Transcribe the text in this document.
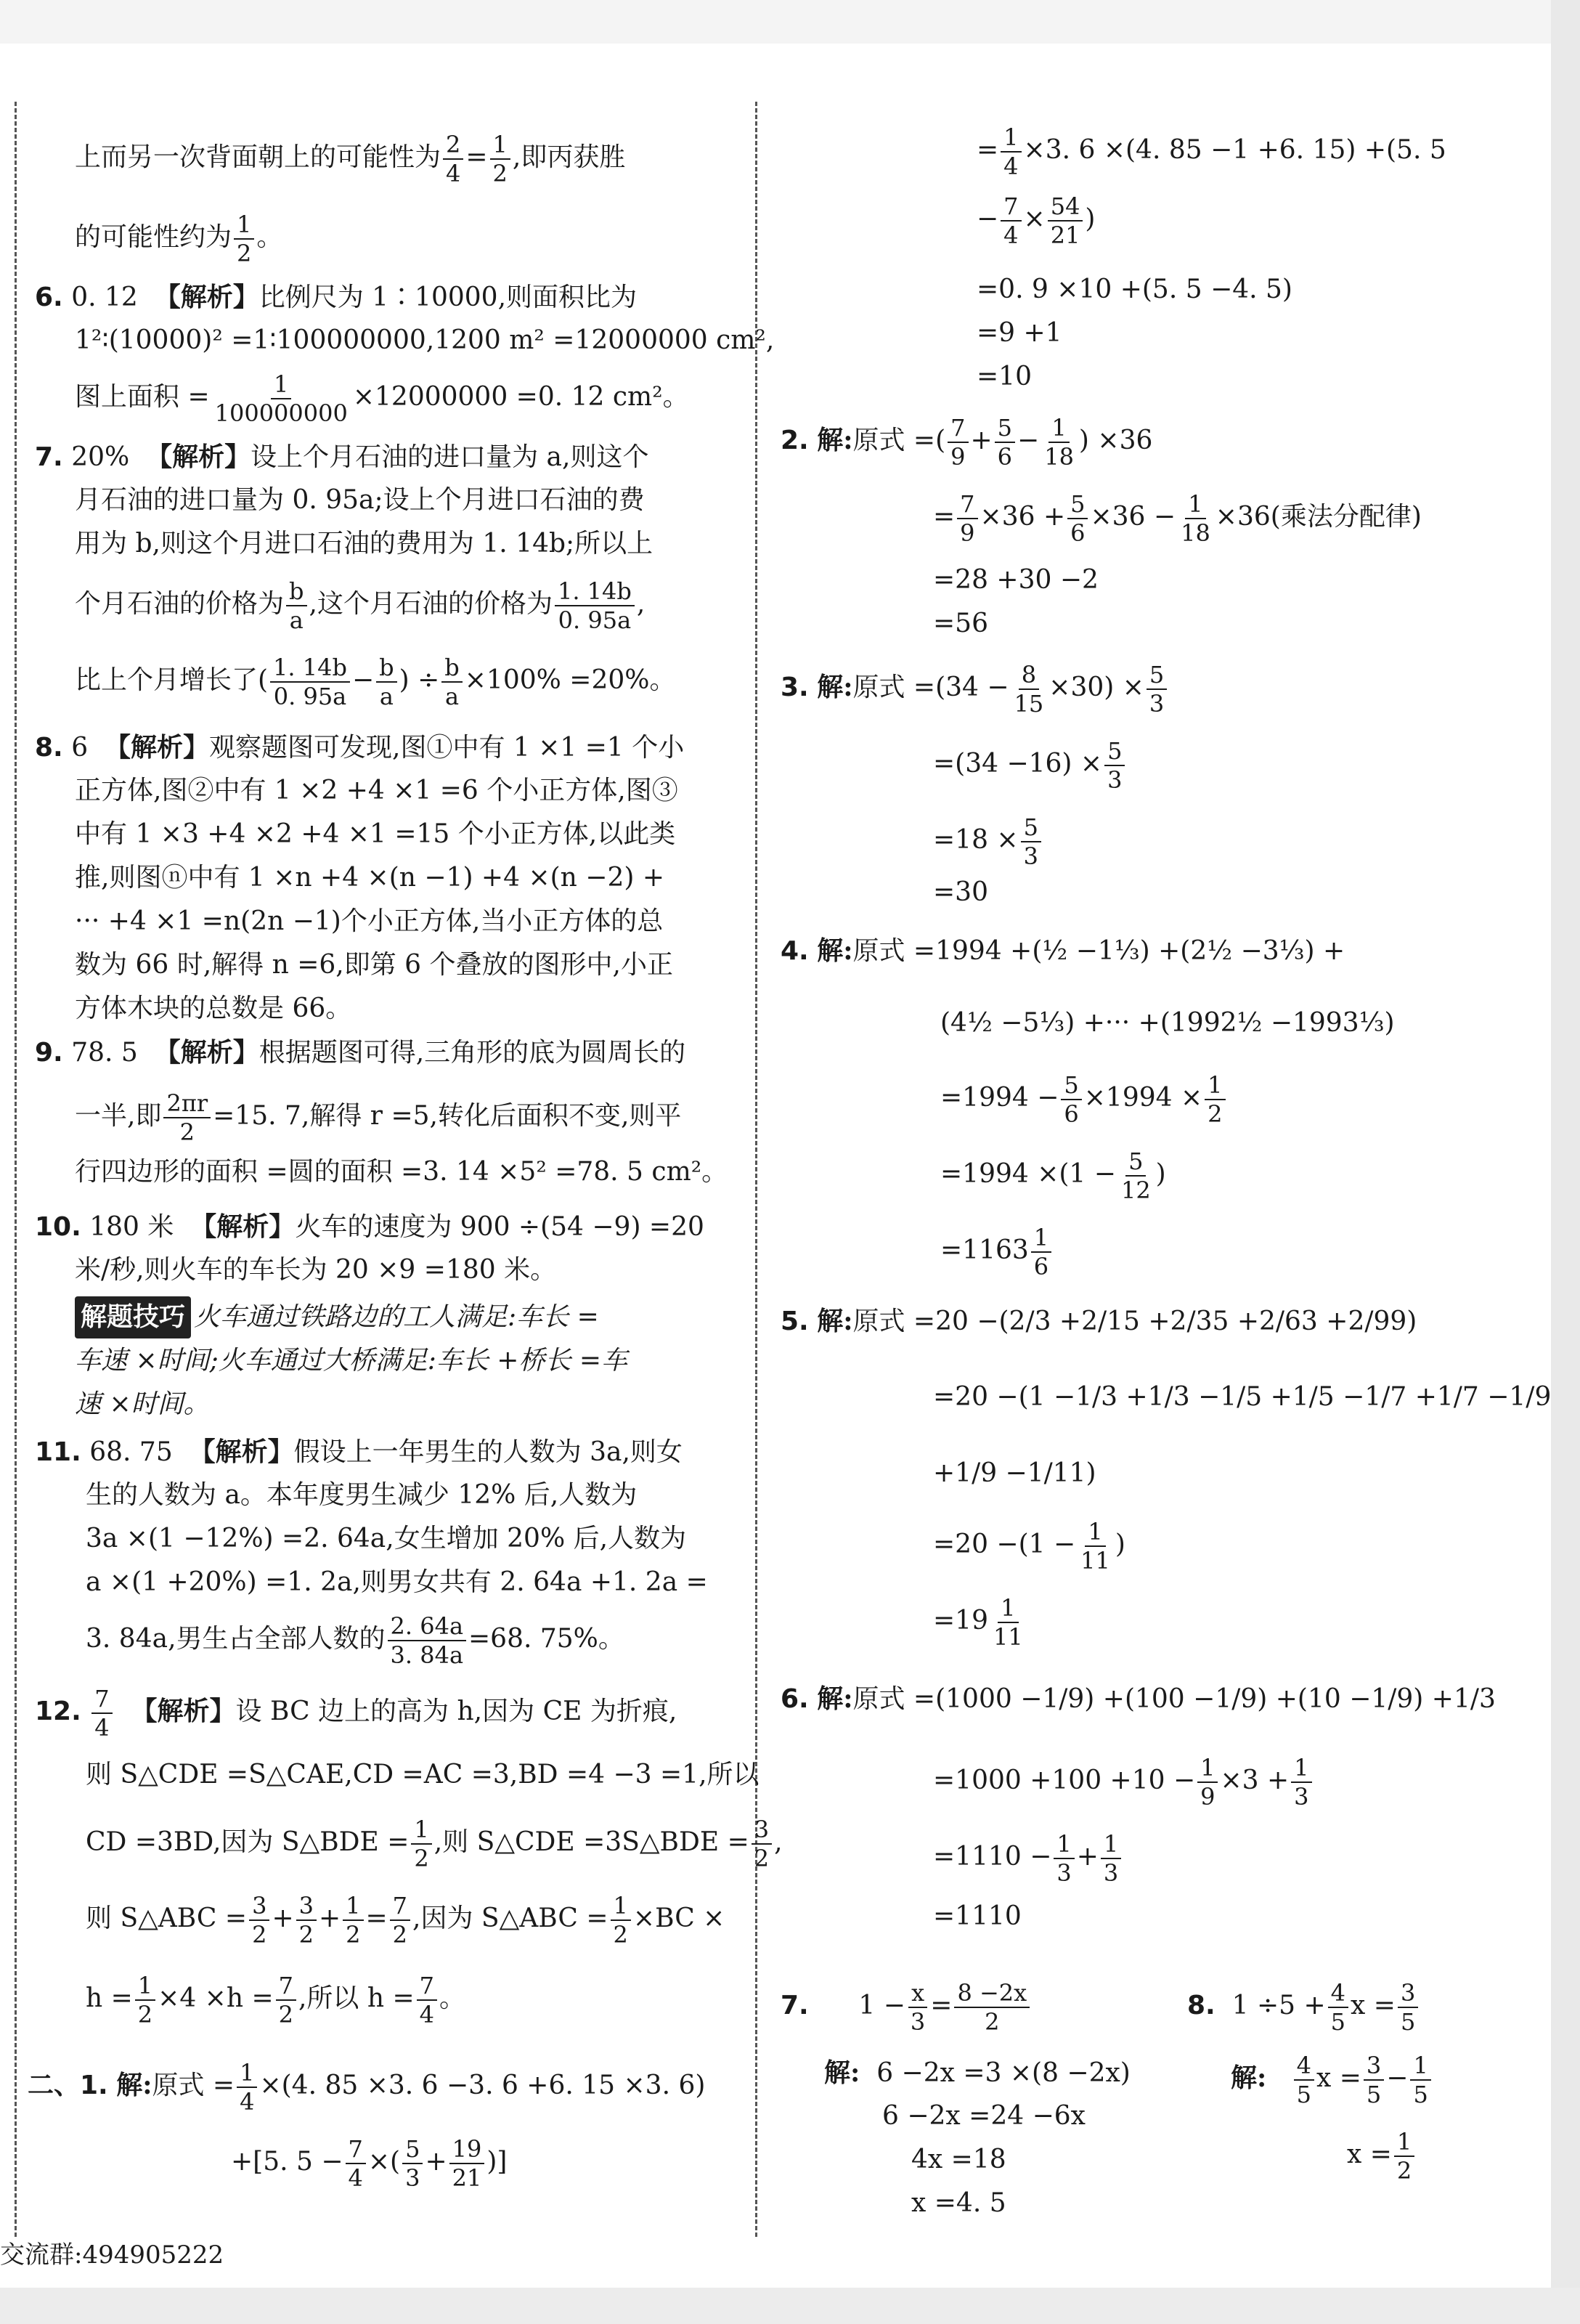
上而另一次背面朝上的可能性为 $\frac{2}{4} = \frac{1}{2}$ ,即丙获胜
的可能性约为 $\frac{1}{2}$ 。
6. 0. 12 【解析】比例尺为 1∶10000,则面积比为
1²∶(10000)² =1∶100000000,1200 m² =12000000 cm²,
图上面积 = $\frac{1}{100000000} \times 12000000 =0$. 12 cm²。
7. 20% 【解析】设上个月石油的进口量为 a,则这个
月石油的进口量为 0. 95a;设上个月进口石油的费
用为 b,则这个月进口石油的费用为 1. 14b;所以上
个月石油的价格为 $\frac{b}{a}$ ,这个月石油的价格为 $\frac{1. 14b}{0. 95a}$ ,
比上个月增长了( $\frac{1. 14b}{0. 95a} - \frac{b}{a}$ ) ÷ $\frac{b}{a} \times 100\% =20\%$。
8. 6 【解析】观察题图可发现,图①中有 1 ×1 =1 个小
正方体,图②中有 1 ×2 +4 ×1 =6 个小正方体,图③
中有 1 ×3 +4 ×2 +4 ×1 =15 个小正方体,以此类
推,则图ⓝ中有 1 ×n +4 ×(n −1) +4 ×(n −2) +
··· +4 ×1 =n(2n −1)个小正方体,当小正方体的总
数为 66 时,解得 n =6,即第 6 个叠放的图形中,小正
方体木块的总数是 66。
9. 78. 5 【解析】根据题图可得,三角形的底为圆周长的
一半,即 $\frac{2\pi r}{2} =15$. 7,解得 r =5,转化后面积不变,则平
行四边形的面积 =圆的面积 =3. 14 ×5² =78. 5 cm²。
10. 180 米 【解析】火车的速度为 900 ÷(54 −9) =20
米/秒,则火车的车长为 20 ×9 =180 米。
解题技巧 火车通过铁路边的工人满足:车长 =
车速 ×时间;火车通过大桥满足:车长 +桥长 =车
速 ×时间。
11. 68. 75 【解析】假设上一年男生的人数为 3a,则女
生的人数为 a。本年度男生减少 12% 后,人数为
3a ×(1 −12%) =2. 64a,女生增加 20% 后,人数为
a ×(1 +20%) =1. 2a,则男女共有 2. 64a +1. 2a =
3. 84a,男生占全部人数的 $\frac{2. 64a}{3. 84a} =68$. 75%。
12. $\frac{7}{4}$ 【解析】设 BC 边上的高为 h,因为 CE 为折痕,
则 S△CDE =S△CAE,CD =AC =3,BD =4 −3 =1,所以
CD =3BD,因为 S△BDE = $\frac{1}{2}$ ,则 S△CDE =3S△BDE = $\frac{3}{2}$ ,
则 S△ABC = $\frac{3}{2} + \frac{3}{2} + \frac{1}{2} = \frac{7}{2}$ ,因为 S△ABC = $\frac{1}{2} \times BC$ ×
$h = \frac{1}{2} \times 4 \times h = \frac{7}{2}$ ,所以 $h = \frac{7}{4}$ 。
二、1. 解:原式 = $\frac{1}{4} \times(4$. 85 ×3. 6 −3. 6 +6. 15 ×3. 6)
+[5. $5 - \frac{7}{4}$ ×( $\frac{5}{3} + \frac{19}{21}$ )]
= $\frac{1}{4} \times 3$. 6 ×(4. 85 −1 +6. 15) +(5. 5
− $\frac{7}{4} \times \frac{54}{21}$ )
=0. 9 ×10 +(5. 5 −4. 5)
=9 +1
=10
2. 解:原式 =( $\frac{7}{9} + \frac{5}{6} - \frac{1}{18}$ ) ×36
= $\frac{7}{9} \times 36 + \frac{5}{6} \times 36 - \frac{1}{18} \times 36$(乘法分配律)
=28 +30 −2
=56
3. 解:原式 $=(34 - \frac{8}{15} \times 30) \times \frac{5}{3}$
$=(34 -16) \times \frac{5}{3}$
$=18 \times \frac{5}{3}$
=30
4. 解:原式 =1994 +(½ −1⅓) +(2½ −3⅓) +
(4½ −5⅓) +··· +(1992½ −1993⅓)
$=1994 - \frac{5}{6} \times 1994 \times \frac{1}{2}$
$=1994 \times(1 - \frac{5}{12}$ )
$=1163 \frac{1}{6}$
5. 解:原式 =20 −(2/3 +2/15 +2/35 +2/63 +2/99)
=20 −(1 −1/3 +1/3 −1/5 +1/5 −1/7 +1/7 −1/9
+1/9 −1/11)
$=20 -(1 - \frac{1}{11}$ )
$=19 \frac{1}{11}$
6. 解:原式 =(1000 −1/9) +(100 −1/9) +(10 −1/9) +1/3
$=1000 +100 +10 - \frac{1}{9} \times 3 + \frac{1}{3}$
$=1110 - \frac{1}{3} + \frac{1}{3}$
=1110
7. $1 - \frac{x}{3} = \frac{8 -2x}{2}$
解: 6 −2x =3 ×(8 −2x)
6 −2x =24 −6x
4x =18
x =4. 5
8. $1 \div 5 + \frac{4}{5}$ $x = \frac{3}{5}$
解: $\frac{4}{5}$ $x = \frac{3}{5} - \frac{1}{5}$
$x = \frac{1}{2}$
交流群:494905222
